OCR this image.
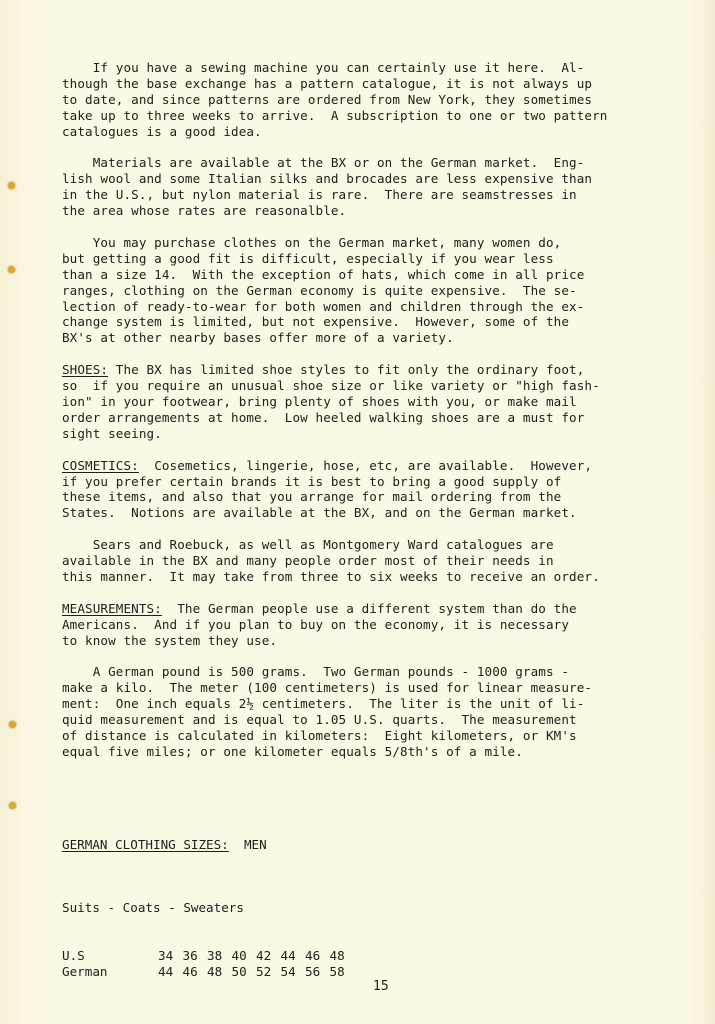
If you have a sewing machine you can certainly use it here.  Al-
though the base exchange has a pattern catalogue, it is not always up
to date, and since patterns are ordered from New York, they sometimes
take up to three weeks to arrive.  A subscription to one or two pattern
catalogues is a good idea.
Materials are available at the BX or on the German market.  Eng-
lish wool and some Italian silks and brocades are less expensive than
in the U.S., but nylon material is rare.  There are seamstresses in
the area whose rates are reasonalble.
You may purchase clothes on the German market, many women do,
but getting a good fit is difficult, especially if you wear less
than a size 14.  With the exception of hats, which come in all price
ranges, clothing on the German economy is quite expensive.  The se-
lection of ready-to-wear for both women and children through the ex-
change system is limited, but not expensive.  However, some of the
BX's at other nearby bases offer more of a variety.
SHOES: The BX has limited shoe styles to fit only the ordinary foot,
so  if you require an unusual shoe size or like variety or "high fash-
ion" in your footwear, bring plenty of shoes with you, or make mail
order arrangements at home.  Low heeled walking shoes are a must for
sight seeing.
COSMETICS:  Cosemetics, lingerie, hose, etc, are available.  However,
if you prefer certain brands it is best to bring a good supply of
these items, and also that you arrange for mail ordering from the
States.  Notions are available at the BX, and on the German market.
Sears and Roebuck, as well as Montgomery Ward catalogues are
available in the BX and many people order most of their needs in
this manner.  It may take from three to six weeks to receive an order.
MEASUREMENTS:  The German people use a different system than do the
Americans.  And if you plan to buy on the economy, it is necessary
to know the system they use.
A German pound is 500 grams.  Two German pounds - 1000 grams -
make a kilo.  The meter (100 centimeters) is used for linear measure-
ment:  One inch equals 2½ centimeters.  The liter is the unit of li-
quid measurement and is equal to 1.05 U.S. quarts.  The measurement
of distance is calculated in kilometers:  Eight kilometers, or KM's
equal five miles; or one kilometer equals 5/8th's of a mile.

GERMAN CLOTHING SIZES: MEN

Suits - Coats - Sweaters

U.S	34 36 38 40 42 44 46 48
German	44 46 48 50 52 54 56 58

15
